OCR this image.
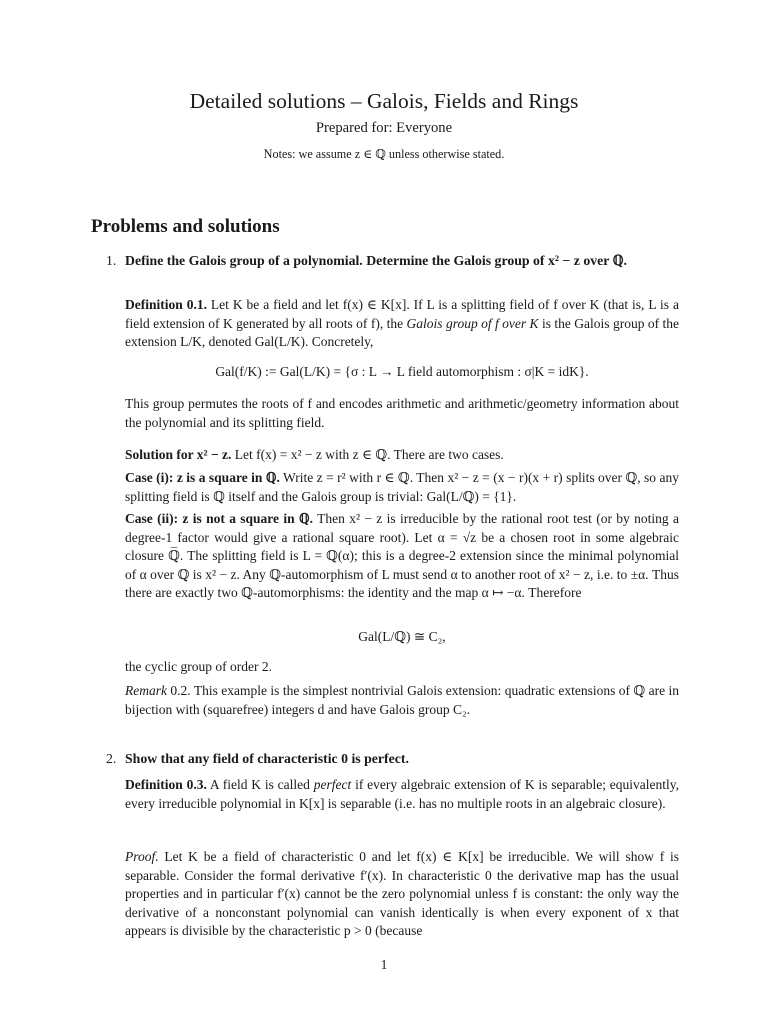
Detailed solutions – Galois, Fields and Rings
Prepared for: Everyone
Notes: we assume z ∈ ℚ unless otherwise stated.
Problems and solutions
1. Define the Galois group of a polynomial. Determine the Galois group of x² − z over ℚ.

Definition 0.1. Let K be a field and let f(x) ∈ K[x]. If L is a splitting field of f over K (that is, L is a field extension of K generated by all roots of f), the Galois group of f over K is the Galois group of the extension L/K, denoted Gal(L/K). Concretely,

Gal(f/K) := Gal(L/K) = {σ : L → L field automorphism : σ|K = idK}.

This group permutes the roots of f and encodes arithmetic and arithmetic/geometry information about the polynomial and its splitting field.

Solution for x² − z. Let f(x) = x² − z with z ∈ ℚ. There are two cases.

Case (i): z is a square in ℚ. Write z = r² with r ∈ ℚ. Then x² − z = (x − r)(x + r) splits over ℚ, so any splitting field is ℚ itself and the Galois group is trivial: Gal(L/ℚ) = {1}.

Case (ii): z is not a square in ℚ. Then x² − z is irreducible by the rational root test (or by noting a degree-1 factor would give a rational square root). Let α = √z be a chosen root in some algebraic closure ℚ̅. The splitting field is L = ℚ(α); this is a degree-2 extension since the minimal polynomial of α over ℚ is x² − z. Any ℚ-automorphism of L must send α to another root of x² − z, i.e. to ±α. Thus there are exactly two ℚ-automorphisms: the identity and the map α ↦ −α. Therefore

Gal(L/ℚ) ≅ C₂,

the cyclic group of order 2.

Remark 0.2. This example is the simplest nontrivial Galois extension: quadratic extensions of ℚ are in bijection with (squarefree) integers d and have Galois group C₂.

2. Show that any field of characteristic 0 is perfect.

Definition 0.3. A field K is called perfect if every algebraic extension of K is separable; equivalently, every irreducible polynomial in K[x] is separable (i.e. has no multiple roots in an algebraic closure).

Proof. Let K be a field of characteristic 0 and let f(x) ∈ K[x] be irreducible. We will show f is separable. Consider the formal derivative f′(x). In characteristic 0 the derivative map has the usual properties and in particular f′(x) cannot be the zero polynomial unless f is constant: the only way the derivative of a nonconstant polynomial can vanish identically is when every exponent of x that appears is divisible by the characteristic p > 0 (because

1
